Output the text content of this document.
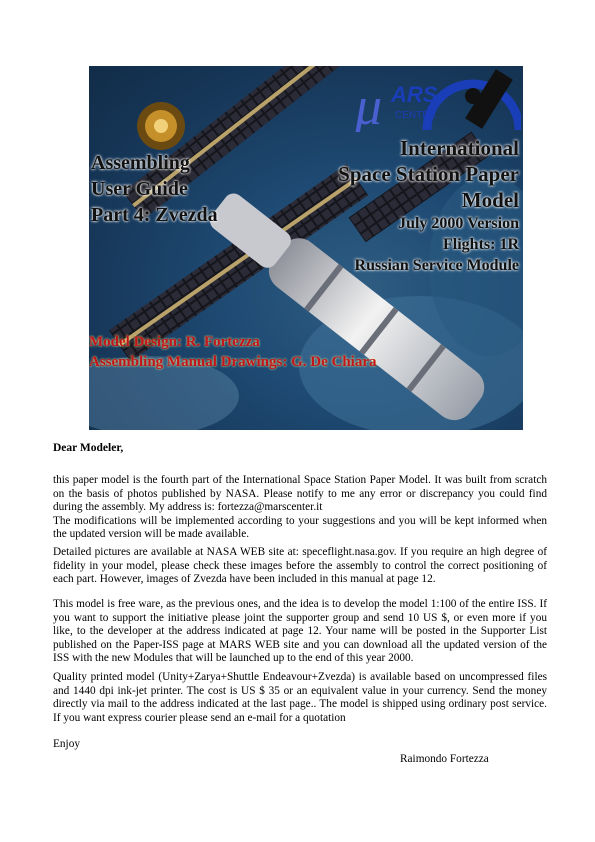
μ ARS
CENTER
Assembling
User Guide
Part 4: Zvezda
International
Space Station Paper
Model
July 2000 Version
Flights: 1R
Russian Service Module
Model Design: R. Fortezza
Assembling Manual Drawings: G. De Chiara
Dear Modeler,

this paper model is the fourth part of the International Space Station Paper Model. It was built from scratch on the basis of photos published by NASA. Please notify to me any error or discrepancy you could find during the assembly. My address is: fortezza@marscenter.it

The modifications will be implemented according to your suggestions and you will be kept informed when the updated version will be made available.

Detailed pictures are available at NASA WEB site at: speceflight.nasa.gov. If you require an high degree of fidelity in your model, please check these images before the assembly to control the correct positioning of each part. However, images of Zvezda have been included in this manual at page 12.

This model is free ware, as the previous ones, and the idea is to develop the model 1:100 of the entire ISS. If you want to support the initiative please joint the supporter group and send 10 US $, or even more if you like, to the developer at the address indicated at page 12. Your name will be posted in the Supporter List published on the Paper-ISS page at MARS WEB site and you can download all the updated version of the ISS with the new Modules that will be launched up to the end of this year 2000.

Quality printed model (Unity+Zarya+Shuttle Endeavour+Zvezda) is available based on uncompressed files and 1440 dpi ink-jet printer. The cost is US $ 35 or an equivalent value in your currency. Send the money directly via mail to the address indicated at the last page.. The model is shipped using ordinary post service. If you want express courier please send an e-mail for a quotation

Enjoy
Raimondo Fortezza
